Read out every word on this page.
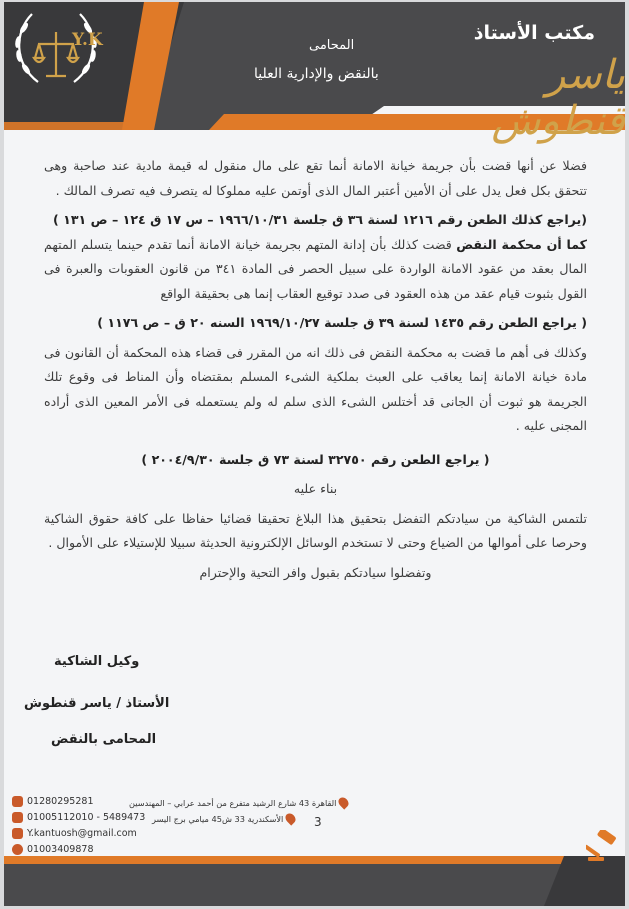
مكتب الأستاذ
ياسر قنطوش
المحامى
بالنقض والإدارية العليا
Y.K

فضلا عن أنها قضت بأن جريمة خيانة الامانة أنما تقع على مال منقول له قيمة مادية عند صاحبة وهى تتحقق بكل فعل يدل على أن الأمين أعتبر المال الذى أوتمن عليه مملوكا له يتصرف فيه تصرف المالك .

(يراجع كذلك الطعن رقم ١٢١٦ لسنة ٣٦ ق جلسة ١٩٦٦/١٠/٣١ – س ١٧ ق ١٢٤ – ص ١٣١ )

كما أن محكمة النقض قضت كذلك بأن إدانة المتهم بجريمة خيانة الامانة أنما تقدم حينما يتسلم المتهم المال بعقد من عقود الامانة الواردة على سبيل الحصر فى المادة ٣٤١ من قانون العقوبات والعبرة فى القول بثبوت قيام عقد من هذه العقود فى صدد توقيع العقاب إنما هى بحقيقة الواقع

( يراجع الطعن رقم ١٤٣٥ لسنة ٣٩ ق جلسة ١٩٦٩/١٠/٢٧ السنه ٢٠ ق – ص ١١٧٦ )

وكذلك فى أهم ما قضت به محكمة النقض فى ذلك انه من المقرر فى قضاء هذه المحكمة أن القانون فى مادة خيانة الامانة إنما يعاقب على العبث بملكية الشىء المسلم بمقتضاه وأن المناط فى وقوع تلك الجريمة هو ثبوت أن الجانى قد أختلس الشىء الذى سلم له ولم يستعمله فى الأمر المعين الذى أراده المجنى عليه .

( يراجع الطعن رقم ٣٢٧٥٠ لسنة ٧٣ ق جلسة ٢٠٠٤/٩/٣٠ )

بناء عليه

تلتمس الشاكية من سيادتكم التفضل بتحقيق هذا البلاغ تحقيقا قضائيا حفاظا على كافة حقوق الشاكية وحرصا على أموالها من الضياع وحتى لا تستخدم الوسائل الإلكترونية الحديثة سبيلا للإستيلاء على الأموال .

وتفضلوا سيادتكم بقبول وافر التحية والإحترام

وكيل الشاكية
الأستاذ / ياسر قنطوش
المحامى بالنقض
01280295281
01005112010 - 5489473
Y.kantuosh@gmail.com
01003409878
القاهرة 43 شارع الرشيد متفرع من أحمد عرابي – المهندسين
الأسكندرية 33 ش45 ميامي برج اليسر	3
